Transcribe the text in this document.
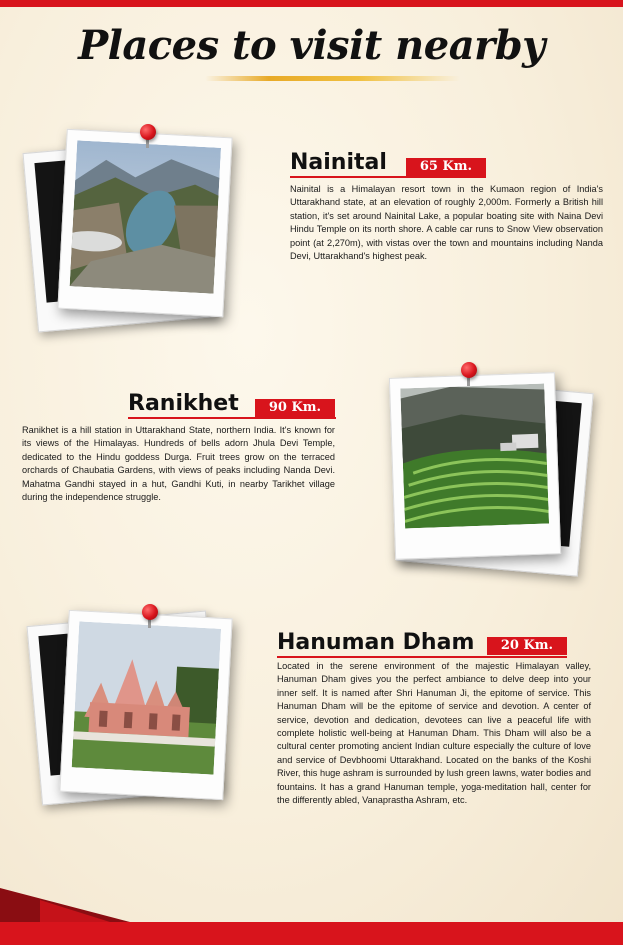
Places to visit nearby
Nainital	65 Km.

Nainital is a Himalayan resort town in the Kumaon region of India's Uttarakhand state, at an elevation of roughly 2,000m. Formerly a British hill station, it's set around Nainital Lake, a popular boating site with Naina Devi Hindu Temple on its north shore. A cable car runs to Snow View observation point (at 2,270m), with vistas over the town and mountains including Nanda Devi, Uttarakhand's highest peak.

Ranikhet	90 Km.

Ranikhet is a hill station in Uttarakhand State, northern India. It's known for its views of the Himalayas. Hundreds of bells adorn Jhula Devi Temple, dedicated to the Hindu goddess Durga. Fruit trees grow on the terraced orchards of Chaubatia Gardens, with views of peaks including Nanda Devi. Mahatma Gandhi stayed in a hut, Gandhi Kuti, in nearby Tarikhet village during the independence struggle.

Hanuman Dham	20 Km.

Located in the serene environment of the majestic Himalayan valley, Hanuman Dham gives you the perfect ambiance to delve deep into your inner self. It is named after Shri Hanuman Ji, the epitome of service. This Hanuman Dham will be the epitome of service and devotion. A center of service, devotion and dedication, devotees can live a peaceful life with complete holistic well-being at Hanuman Dham. This Dham will also be a cultural center promoting ancient Indian culture especially the culture of love and service of Devbhoomi Uttarakhand. Located on the banks of the Koshi River, this huge ashram is surrounded by lush green lawns, water bodies and fountains. It has a grand Hanuman temple, yoga-meditation hall, center for the differently abled, Vanaprastha Ashram, etc.
